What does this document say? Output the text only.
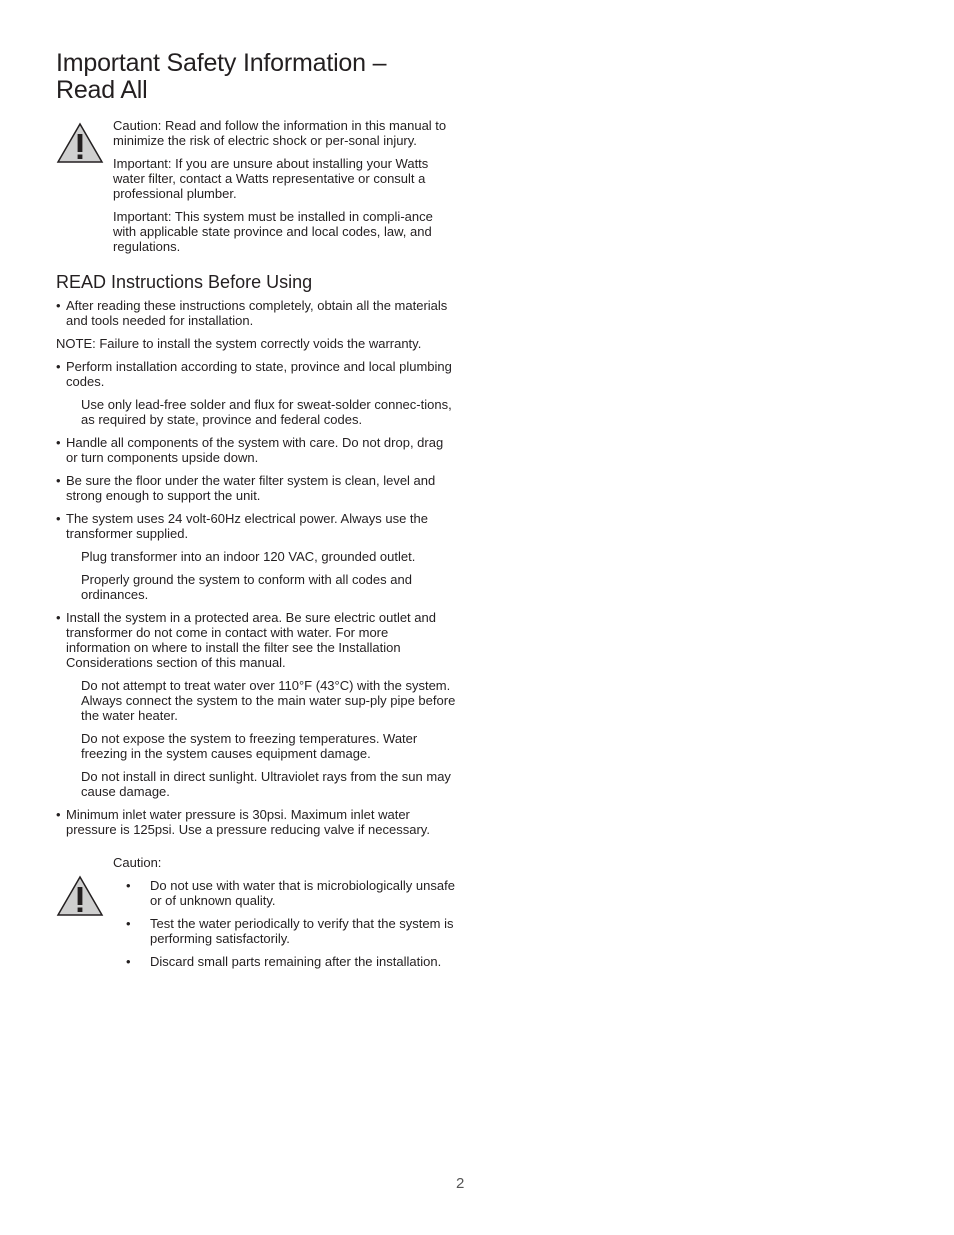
Important Safety Information –
Read All

Caution: Read and follow the information in this manual to minimize the risk of electric shock or per-sonal injury.

Important: If you are unsure about installing your Watts water filter, contact a Watts representative or consult a professional plumber.

Important: This system must be installed in compli-ance with applicable state province and local codes, law, and regulations.

READ Instructions Before Using
• After reading these instructions completely, obtain all the materials and tools needed for installation.

NOTE: Failure to install the system correctly voids the warranty.

• Perform installation according to state, province and local plumbing codes.

Use only lead-free solder and flux for sweat-solder connec-tions, as required by state, province and federal codes.

• Handle all components of the system with care. Do not drop, drag or turn components upside down.
• Be sure the floor under the water filter system is clean, level and strong enough to support the unit.
• The system uses 24 volt-60Hz electrical power. Always use the transformer supplied.

Plug transformer into an indoor 120 VAC, grounded outlet.

Properly ground the system to conform with all codes and ordinances.

• Install the system in a protected area. Be sure electric outlet and transformer do not come in contact with water. For more information on where to install the filter see the Installation Considerations section of this manual.

Do not attempt to treat water over 110°F (43°C) with the system. Always connect the system to the main water sup-ply pipe before the water heater.

Do not expose the system to freezing temperatures. Water freezing in the system causes equipment damage.

Do not install in direct sunlight. Ultraviolet rays from the sun may cause damage.

• Minimum inlet water pressure is 30psi. Maximum inlet water pressure is 125psi. Use a pressure reducing valve if necessary.

Caution:

• Do not use with water that is microbiologically unsafe or of unknown quality.
• Test the water periodically to verify that the system is performing satisfactorily.
• Discard small parts remaining after the installation.
2
